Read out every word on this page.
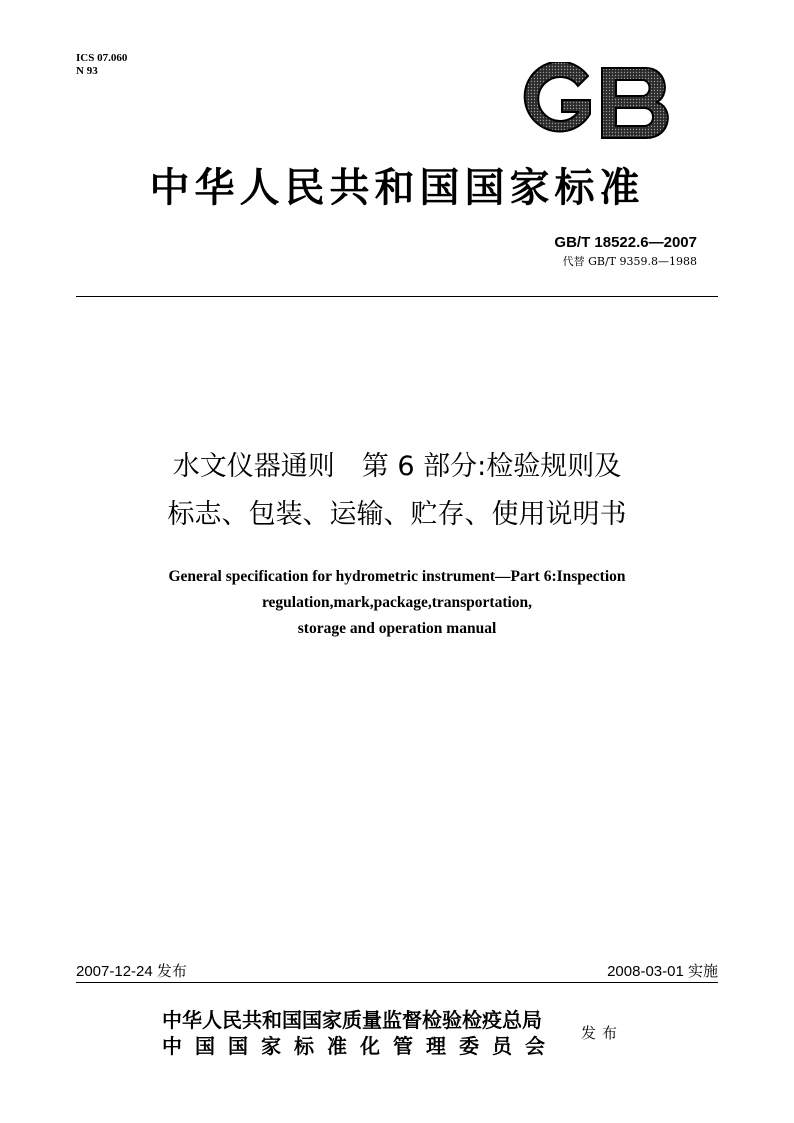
ICS 07.060
N 93
中华人民共和国国家标准
GB/T 18522.6—2007
代替 GB/T 9359.8—1988
水文仪器通则　第 6 部分:检验规则及
标志、包装、运输、贮存、使用说明书
General specification for hydrometric instrument—Part 6:Inspection
regulation,mark,package,transportation,
storage and operation manual
2007-12-24 发布	2008-03-01 实施
中华人民共和国国家质量监督检验检疫总局
中国国家标准化管理委员会
发布
